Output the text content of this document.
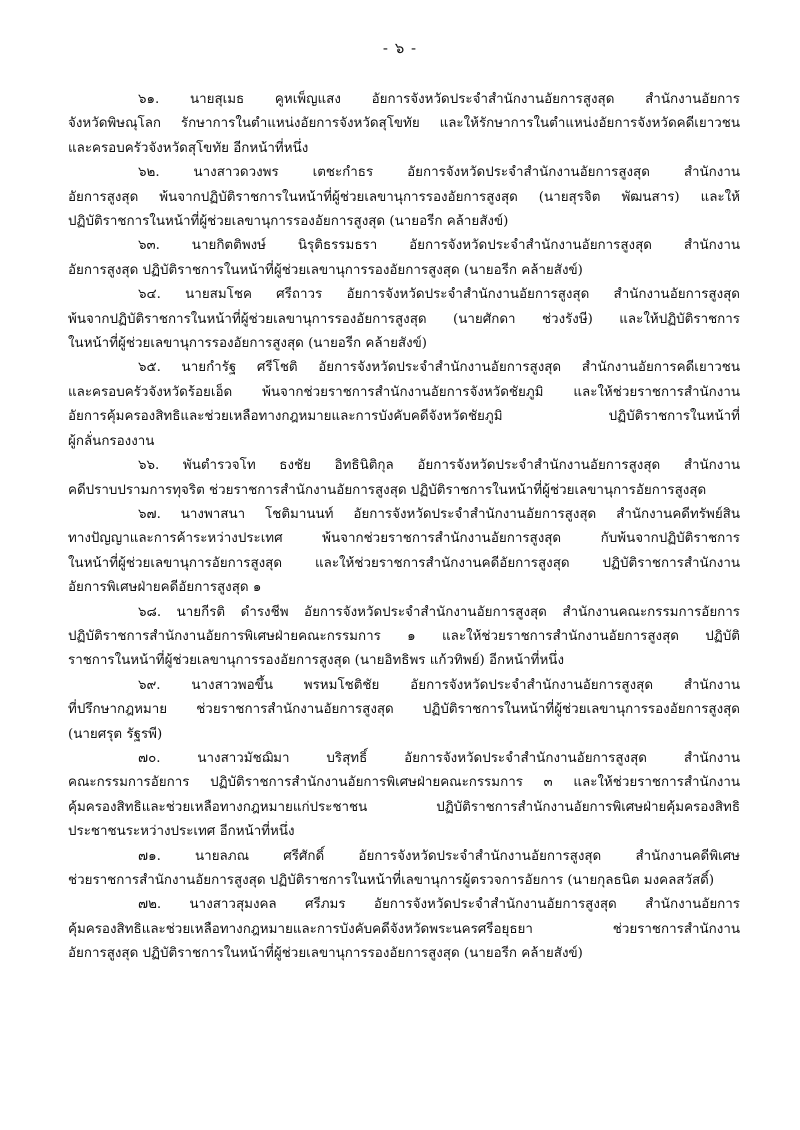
- ๖ -

๖๑. นายสุเมธ คูหเพ็ญแสง อัยการจังหวัดประจำสำนักงานอัยการสูงสุด สำนักงานอัยการ
จังหวัดพิษณุโลก รักษาการในตำแหน่งอัยการจังหวัดสุโขทัย และให้รักษาการในตำแหน่งอัยการจังหวัดคดีเยาวชน
และครอบครัวจังหวัดสุโขทัย อีกหน้าที่หนึ่ง

๖๒. นางสาวดวงพร เตชะกำธร อัยการจังหวัดประจำสำนักงานอัยการสูงสุด สำนักงาน
อัยการสูงสุด พ้นจากปฏิบัติราชการในหน้าที่ผู้ช่วยเลขานุการรองอัยการสูงสุด (นายสุรจิต พัฒนสาร) และให้
ปฏิบัติราชการในหน้าที่ผู้ช่วยเลขานุการรองอัยการสูงสุด (นายอรีก คล้ายสังข์)

๖๓. นายกิตติพงษ์ นิรุติธรรมธรา อัยการจังหวัดประจำสำนักงานอัยการสูงสุด สำนักงาน
อัยการสูงสุด ปฏิบัติราชการในหน้าที่ผู้ช่วยเลขานุการรองอัยการสูงสุด (นายอรีก คล้ายสังข์)

๖๔. นายสมโชค ศรีถาวร อัยการจังหวัดประจำสำนักงานอัยการสูงสุด สำนักงานอัยการสูงสุด
พ้นจากปฏิบัติราชการในหน้าที่ผู้ช่วยเลขานุการรองอัยการสูงสุด (นายศักดา ช่วงรังษี) และให้ปฏิบัติราชการ
ในหน้าที่ผู้ช่วยเลขานุการรองอัยการสูงสุด (นายอรีก คล้ายสังข์)

๖๕. นายกำรัฐ ศรีโชติ อัยการจังหวัดประจำสำนักงานอัยการสูงสุด สำนักงานอัยการคดีเยาวชน
และครอบครัวจังหวัดร้อยเอ็ด พ้นจากช่วยราชการสำนักงานอัยการจังหวัดชัยภูมิ และให้ช่วยราชการสำนักงาน
อัยการคุ้มครองสิทธิและช่วยเหลือทางกฎหมายและการบังคับคดีจังหวัดชัยภูมิ ปฏิบัติราชการในหน้าที่
ผู้กลั่นกรองงาน

๖๖. พันตำรวจโท ธงชัย อิทธินิติกุล อัยการจังหวัดประจำสำนักงานอัยการสูงสุด สำนักงาน
คดีปราบปรามการทุจริต ช่วยราชการสำนักงานอัยการสูงสุด ปฏิบัติราชการในหน้าที่ผู้ช่วยเลขานุการอัยการสูงสุด

๖๗. นางพาสนา โชติมานนท์ อัยการจังหวัดประจำสำนักงานอัยการสูงสุด สำนักงานคดีทรัพย์สิน
ทางปัญญาและการค้าระหว่างประเทศ พ้นจากช่วยราชการสำนักงานอัยการสูงสุด กับพ้นจากปฏิบัติราชการ
ในหน้าที่ผู้ช่วยเลขานุการอัยการสูงสุด และให้ช่วยราชการสำนักงานคดีอัยการสูงสุด ปฏิบัติราชการสำนักงาน
อัยการพิเศษฝ่ายคดีอัยการสูงสุด ๑

๖๘. นายกีรติ ดำรงชีพ อัยการจังหวัดประจำสำนักงานอัยการสูงสุด สำนักงานคณะกรรมการอัยการ
ปฏิบัติราชการสำนักงานอัยการพิเศษฝ่ายคณะกรรมการ ๑ และให้ช่วยราชการสำนักงานอัยการสูงสุด ปฏิบัติ
ราชการในหน้าที่ผู้ช่วยเลขานุการรองอัยการสูงสุด (นายอิทธิพร แก้วทิพย์) อีกหน้าที่หนึ่ง

๖๙. นางสาวพอขึ้น พรหมโชติชัย อัยการจังหวัดประจำสำนักงานอัยการสูงสุด สำนักงาน
ที่ปรึกษากฎหมาย ช่วยราชการสำนักงานอัยการสูงสุด ปฏิบัติราชการในหน้าที่ผู้ช่วยเลขานุการรองอัยการสูงสุด
(นายศรุต รัฐรพี)

๗๐. นางสาวมัชฌิมา บริสุทธิ์ อัยการจังหวัดประจำสำนักงานอัยการสูงสุด สำนักงาน
คณะกรรมการอัยการ ปฏิบัติราชการสำนักงานอัยการพิเศษฝ่ายคณะกรรมการ ๓ และให้ช่วยราชการสำนักงาน
คุ้มครองสิทธิและช่วยเหลือทางกฎหมายแก่ประชาชน ปฏิบัติราชการสำนักงานอัยการพิเศษฝ่ายคุ้มครองสิทธิ
ประชาชนระหว่างประเทศ อีกหน้าที่หนึ่ง

๗๑. นายลภณ ศรีศักดิ์ อัยการจังหวัดประจำสำนักงานอัยการสูงสุด สำนักงานคดีพิเศษ
ช่วยราชการสำนักงานอัยการสูงสุด ปฏิบัติราชการในหน้าที่เลขานุการผู้ตรวจการอัยการ (นายกุลธนิต มงคลสวัสดิ์)

๗๒. นางสาวสุมงคล ศรีภมร อัยการจังหวัดประจำสำนักงานอัยการสูงสุด สำนักงานอัยการ
คุ้มครองสิทธิและช่วยเหลือทางกฎหมายและการบังคับคดีจังหวัดพระนครศรีอยุธยา ช่วยราชการสำนักงาน
อัยการสูงสุด ปฏิบัติราชการในหน้าที่ผู้ช่วยเลขานุการรองอัยการสูงสุด (นายอรีก คล้ายสังข์)
